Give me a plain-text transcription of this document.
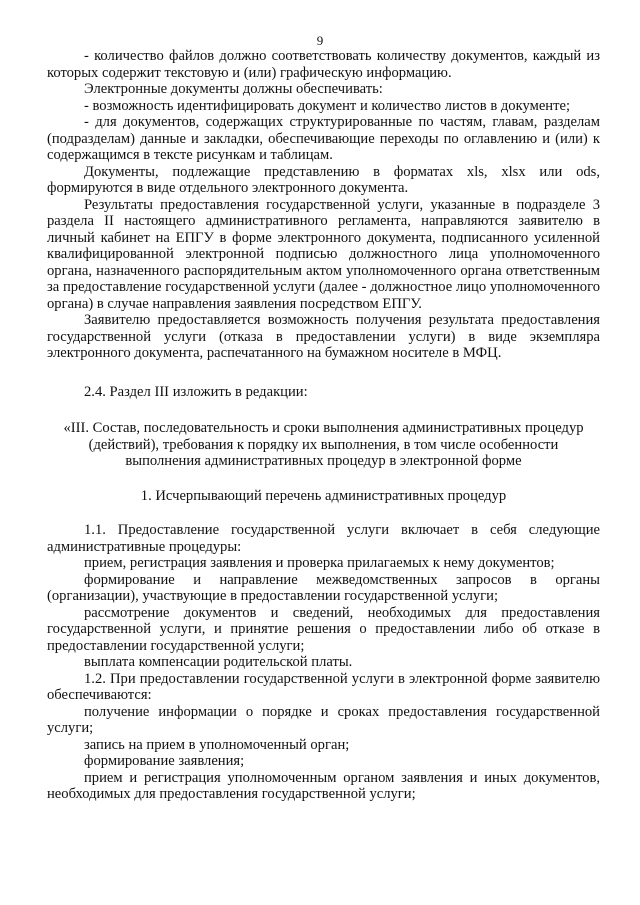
9

- количество файлов должно соответствовать количеству документов, каждый из которых содержит текстовую и (или) графическую информацию.

Электронные документы должны обеспечивать:

- возможность идентифицировать документ и количество листов в документе;

- для документов, содержащих структурированные по частям, главам, разделам (подразделам) данные и закладки, обеспечивающие переходы по оглавлению и (или) к содержащимся в тексте рисункам и таблицам.

Документы, подлежащие представлению в форматах xls, xlsx или ods, формируются в виде отдельного электронного документа.

Результаты предоставления государственной услуги, указанные в подразделе 3 раздела II настоящего административного регламента, направляются заявителю в личный кабинет на ЕПГУ в форме электронного документа, подписанного усиленной квалифицированной электронной подписью должностного лица уполномоченного органа, назначенного распорядительным актом уполномоченного органа ответственным за предоставление государственной услуги (далее - должностное лицо уполномоченного органа) в случае направления заявления посредством ЕПГУ.

Заявителю предоставляется возможность получения результата предоставления государственной услуги (отказа в предоставлении услуги) в виде экземпляра электронного документа, распечатанного на бумажном носителе в МФЦ.

2.4. Раздел III изложить в редакции:

«III. Состав, последовательность и сроки выполнения административных процедур (действий), требования к порядку их выполнения, в том числе особенности выполнения административных процедур в электронной форме

1. Исчерпывающий перечень административных процедур

1.1. Предоставление государственной услуги включает в себя следующие административные процедуры:

прием, регистрация заявления и проверка прилагаемых к нему документов;

формирование и направление межведомственных запросов в органы (организации), участвующие в предоставлении государственной услуги;

рассмотрение документов и сведений, необходимых для предоставления государственной услуги, и принятие решения о предоставлении либо об отказе в предоставлении государственной услуги;

выплата компенсации родительской платы.

1.2. При предоставлении государственной услуги в электронной форме заявителю обеспечиваются:

получение информации о порядке и сроках предоставления государственной услуги;

запись на прием в уполномоченный орган;

формирование заявления;

прием и регистрация уполномоченным органом заявления и иных документов, необходимых для предоставления государственной услуги;
